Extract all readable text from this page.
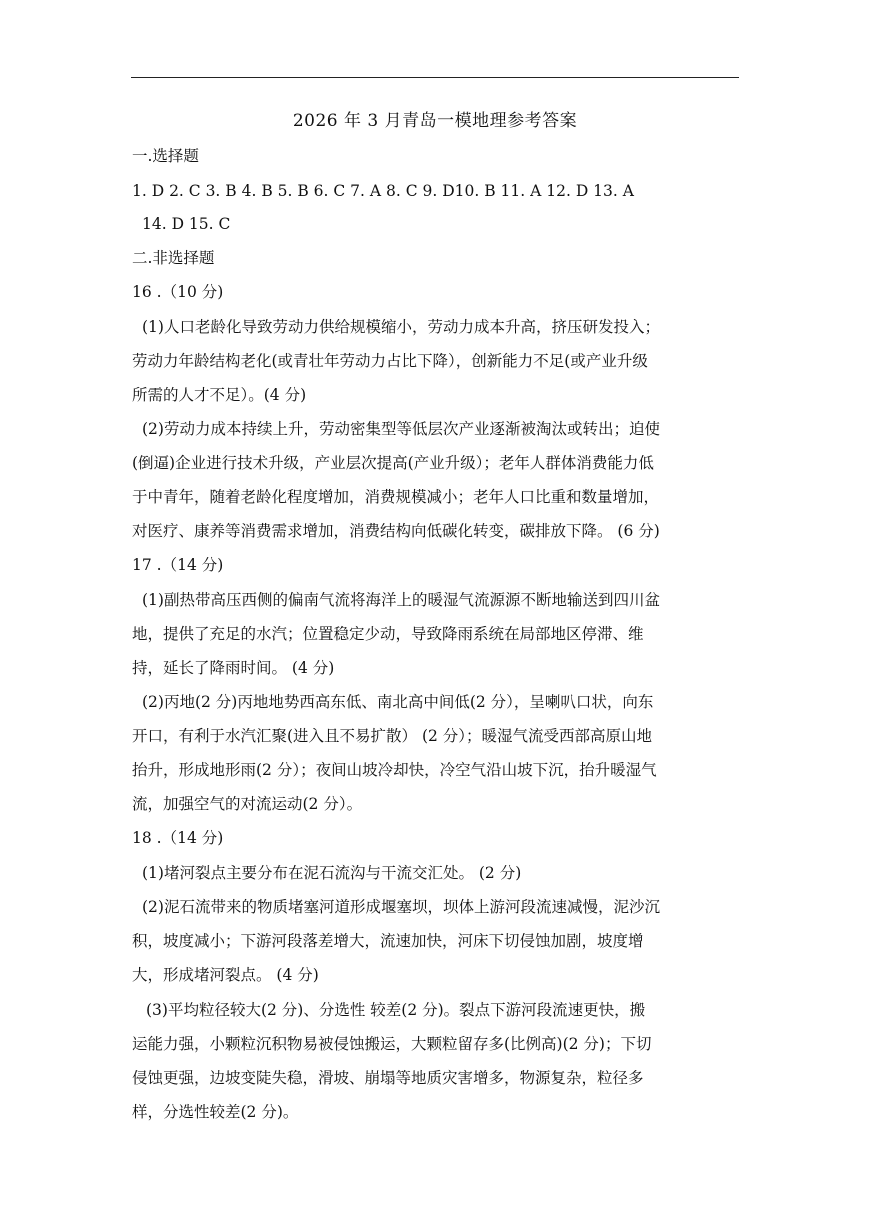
2026 年 3 月青岛一模地理参考答案
一.选择题
1. D 2. C 3. B 4. B 5. B 6. C 7. A 8. C 9. D10. B 11. A 12. D 13. A
14. D 15. C
二.非选择题
16 .（10 分)
(1)人口老龄化导致劳动力供给规模缩小，劳动力成本升高，挤压研发投入；
劳动力年龄结构老化(或青壮年劳动力占比下降），创新能力不足(或产业升级
所需的人才不足）。(4 分)
(2)劳动力成本持续上升，劳动密集型等低层次产业逐渐被淘汰或转出；迫使
(倒逼)企业进行技术升级，产业层次提高(产业升级）；老年人群体消费能力低
于中青年，随着老龄化程度增加，消费规模减小；老年人口比重和数量增加，
对医疗、康养等消费需求增加，消费结构向低碳化转变，碳排放下降。 (6 分)
17 .（14 分)
(1)副热带高压西侧的偏南气流将海洋上的暖湿气流源源不断地输送到四川盆
地，提供了充足的水汽；位置稳定少动，导致降雨系统在局部地区停滞、维
持，延长了降雨时间。 (4 分)
(2)丙地(2 分)丙地地势西高东低、南北高中间低(2 分），呈喇叭口状，向东
开口，有利于水汽汇聚(进入且不易扩散） (2 分）；暖湿气流受西部高原山地
抬升，形成地形雨(2 分）；夜间山坡冷却快，冷空气沿山坡下沉，抬升暖湿气
流，加强空气的对流运动(2 分）。
18 .（14 分)
(1)堵河裂点主要分布在泥石流沟与干流交汇处。 (2 分)
(2)泥石流带来的物质堵塞河道形成堰塞坝，坝体上游河段流速减慢，泥沙沉
积，坡度减小；下游河段落差增大，流速加快，河床下切侵蚀加剧，坡度增
大，形成堵河裂点。 (4 分)
(3)平均粒径较大(2 分)、分选性 较差(2 分)。裂点下游河段流速更快，搬
运能力强，小颗粒沉积物易被侵蚀搬运，大颗粒留存多(比例高)(2 分)；下切
侵蚀更强，边坡变陡失稳，滑坡、崩塌等地质灾害增多，物源复杂，粒径多
样，分选性较差(2 分)。
